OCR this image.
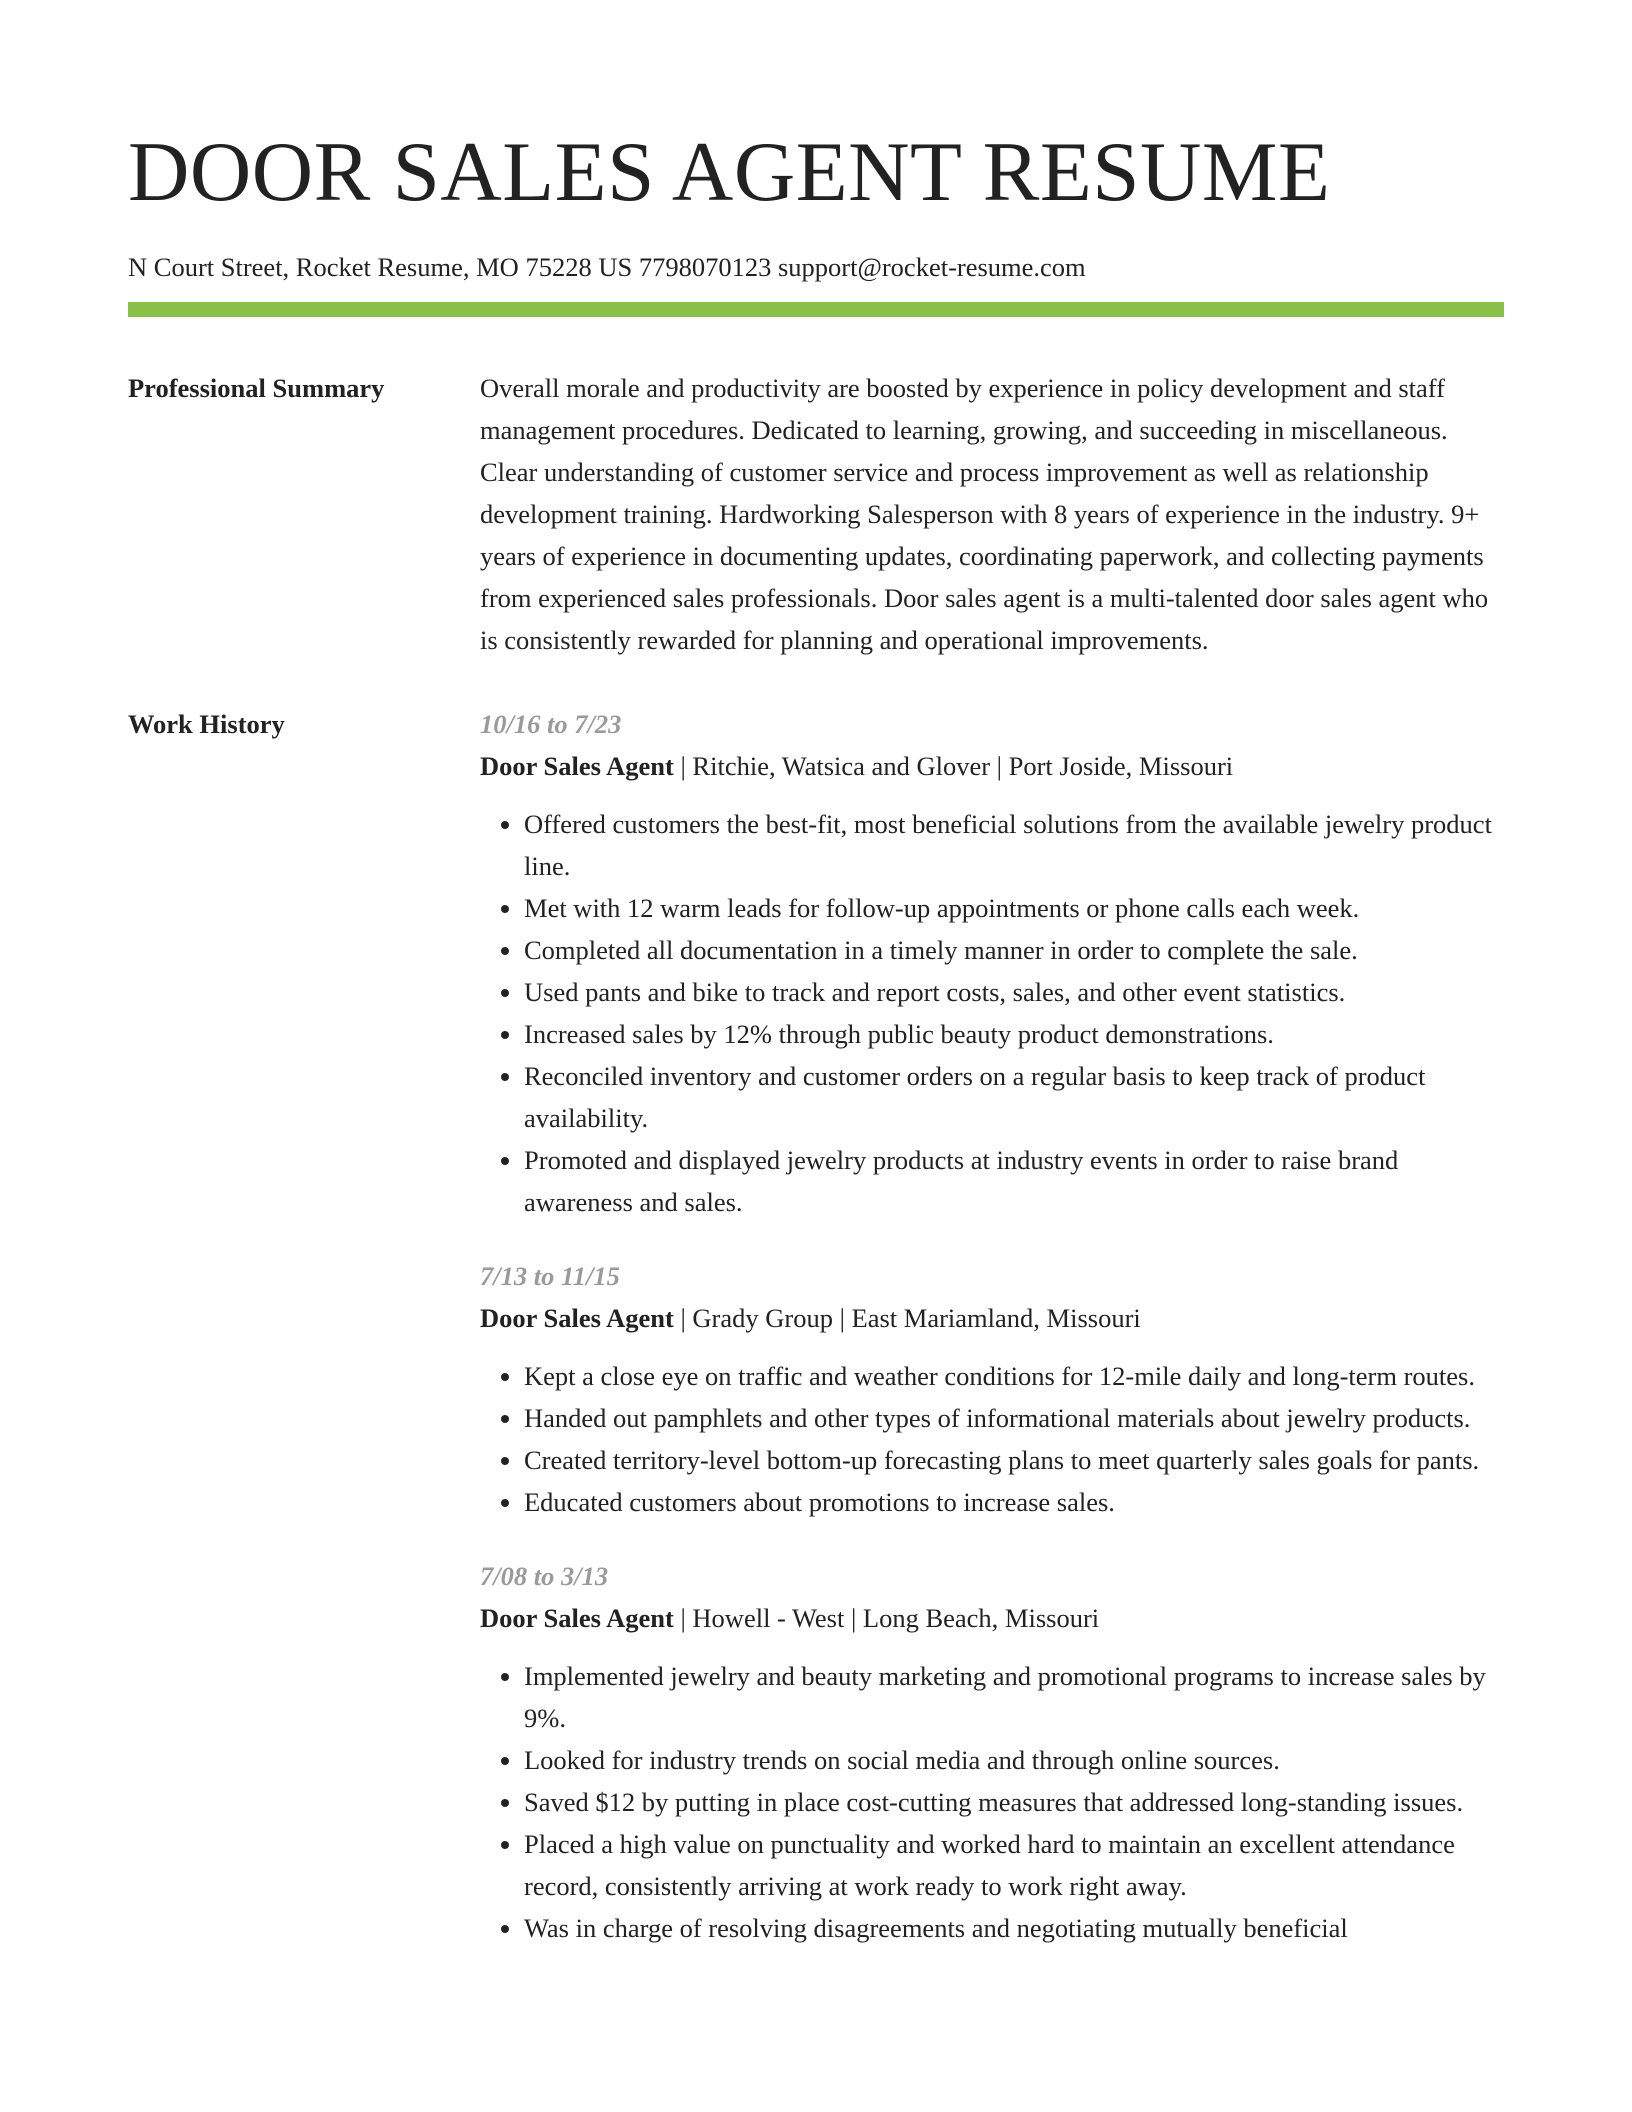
DOOR SALES AGENT RESUME
N Court Street, Rocket Resume, MO 75228 US 7798070123 support@rocket-resume.com
Professional Summary	Overall morale and productivity are boosted by experience in policy development and staff management procedures. Dedicated to learning, growing, and succeeding in miscellaneous. Clear understanding of customer service and process improvement as well as relationship development training. Hardworking Salesperson with 8 years of experience in the industry. 9+ years of experience in documenting updates, coordinating paperwork, and collecting payments from experienced sales professionals. Door sales agent is a multi-talented door sales agent who is consistently rewarded for planning and operational improvements.
Work History	10/16 to 7/23
Door Sales Agent | Ritchie, Watsica and Glover | Port Joside, Missouri
• Offered customers the best-fit, most beneficial solutions from the available jewelry product line.
• Met with 12 warm leads for follow-up appointments or phone calls each week.
• Completed all documentation in a timely manner in order to complete the sale.
• Used pants and bike to track and report costs, sales, and other event statistics.
• Increased sales by 12% through public beauty product demonstrations.
• Reconciled inventory and customer orders on a regular basis to keep track of product availability.
• Promoted and displayed jewelry products at industry events in order to raise brand awareness and sales.
7/13 to 11/15
Door Sales Agent | Grady Group | East Mariamland, Missouri
• Kept a close eye on traffic and weather conditions for 12-mile daily and long-term routes.
• Handed out pamphlets and other types of informational materials about jewelry products.
• Created territory-level bottom-up forecasting plans to meet quarterly sales goals for pants.
• Educated customers about promotions to increase sales.
7/08 to 3/13
Door Sales Agent | Howell - West | Long Beach, Missouri
• Implemented jewelry and beauty marketing and promotional programs to increase sales by 9%.
• Looked for industry trends on social media and through online sources.
• Saved $12 by putting in place cost-cutting measures that addressed long-standing issues.
• Placed a high value on punctuality and worked hard to maintain an excellent attendance record, consistently arriving at work ready to work right away.
• Was in charge of resolving disagreements and negotiating mutually beneficial
